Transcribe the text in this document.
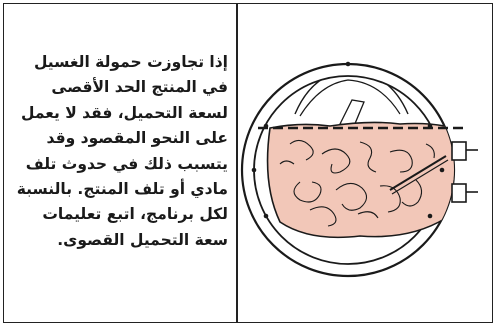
إذا تجاوزت حمولة الغسيل في المنتج الحد الأقصى لسعة التحميل، فقد لا يعمل على النحو المقصود وقد يتسبب ذلك في حدوث تلف مادي أو تلف المنتج. بالنسبة لكل برنامج، اتبع تعليمات سعة التحميل القصوى.
